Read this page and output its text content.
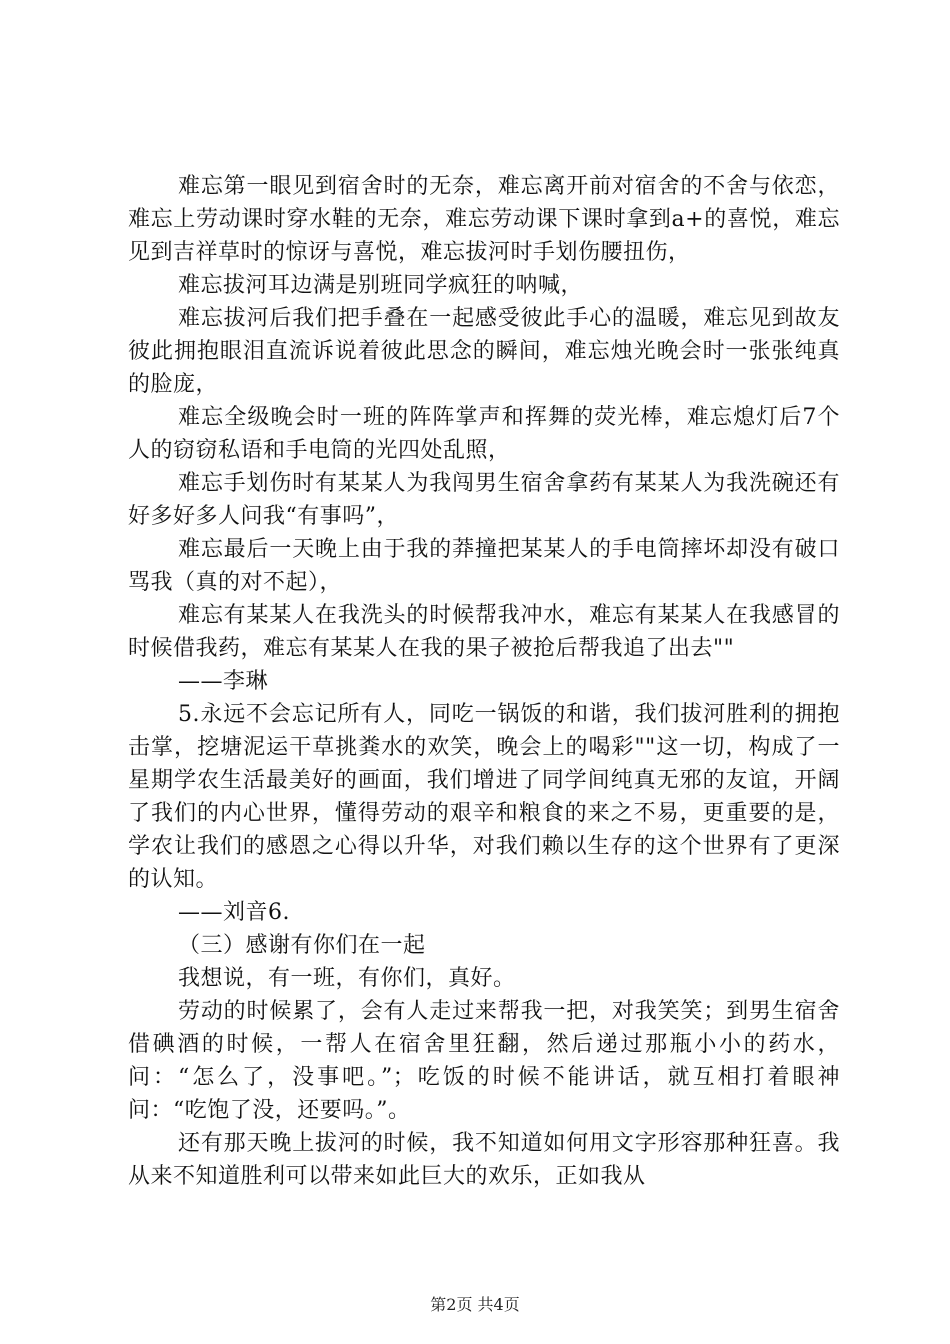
难忘第一眼见到宿舍时的无奈，难忘离开前对宿舍的不舍与依恋，难忘上劳动课时穿水鞋的无奈，难忘劳动课下课时拿到a+的喜悦，难忘见到吉祥草时的惊讶与喜悦，难忘拔河时手划伤腰扭伤，

难忘拔河耳边满是别班同学疯狂的呐喊，

难忘拔河后我们把手叠在一起感受彼此手心的温暖，难忘见到故友彼此拥抱眼泪直流诉说着彼此思念的瞬间，难忘烛光晚会时一张张纯真的脸庞，

难忘全级晚会时一班的阵阵掌声和挥舞的荧光棒，难忘熄灯后7个人的窃窃私语和手电筒的光四处乱照，

难忘手划伤时有某某人为我闯男生宿舍拿药有某某人为我洗碗还有好多好多人问我“有事吗”，

难忘最后一天晚上由于我的莽撞把某某人的手电筒摔坏却没有破口骂我（真的对不起），

难忘有某某人在我洗头的时候帮我冲水，难忘有某某人在我感冒的时候借我药，难忘有某某人在我的果子被抢后帮我追了出去""

——李琳

5.永远不会忘记所有人，同吃一锅饭的和谐，我们拔河胜利的拥抱击掌，挖塘泥运干草挑粪水的欢笑，晚会上的喝彩""这一切，构成了一星期学农生活最美好的画面，我们增进了同学间纯真无邪的友谊，开阔了我们的内心世界，懂得劳动的艰辛和粮食的来之不易，更重要的是，学农让我们的感恩之心得以升华，对我们赖以生存的这个世界有了更深的认知。

——刘音6.

（三）感谢有你们在一起

我想说，有一班，有你们，真好。

劳动的时候累了，会有人走过来帮我一把，对我笑笑；到男生宿舍借碘酒的时候，一帮人在宿舍里狂翻，然后递过那瓶小小的药水，问：“怎么了，没事吧。”；吃饭的时候不能讲话，就互相打着眼神问：“吃饱了没，还要吗。”。

还有那天晚上拔河的时候，我不知道如何用文字形容那种狂喜。我从来不知道胜利可以带来如此巨大的欢乐，正如我从

第2页 共4页
